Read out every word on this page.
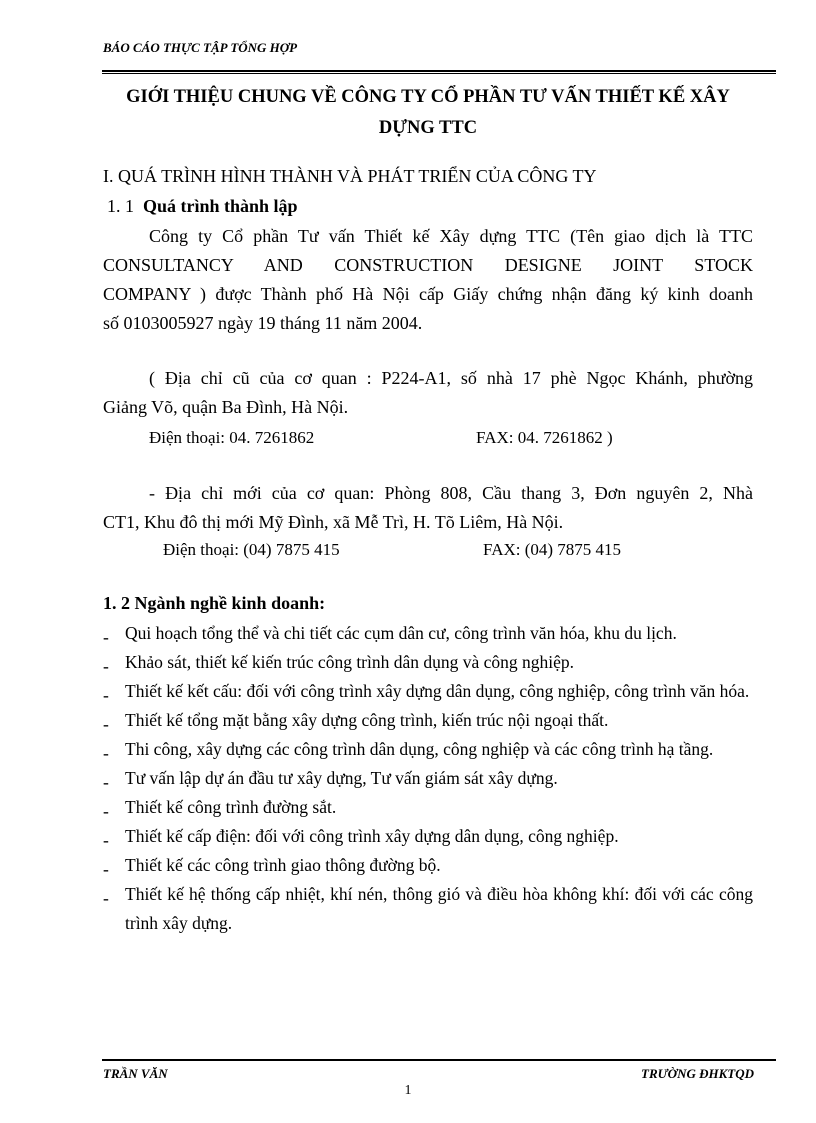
BÁO CÁO THỰC TẬP TỔNG HỢP
GIỚI THIỆU CHUNG VỀ CÔNG TY CỔ PHẦN TƯ VẤN THIẾT KẾ XÂY DỰNG TTC
I. QUÁ TRÌNH HÌNH THÀNH VÀ PHÁT TRIỂN CỦA CÔNG TY
1. 1 Quá trình thành lập
Công ty Cổ phần Tư vấn Thiết kế Xây dựng TTC (Tên giao dịch là TTC
CONSULTANCY AND CONSTRUCTION DESIGNE JOINT STOCK
COMPANY ) được Thành phố Hà Nội cấp Giấy chứng nhận đăng ký kinh doanh
số 0103005927 ngày 19 tháng 11 năm 2004.
( Địa chỉ cũ của cơ quan : P224-A1, số nhà 17 phè Ngọc Khánh, phường
Giảng Võ, quận Ba Đình, Hà Nội.
Điện thoại: 04. 7261862	FAX: 04. 7261862 )
- Địa chỉ mới của cơ quan: Phòng 808, Cầu thang 3, Đơn nguyên 2, Nhà
CT1, Khu đô thị mới Mỹ Đình, xã Mễ Trì, H. Tõ Liêm, Hà Nội.
Điện thoại: (04) 7875 415	FAX: (04) 7875 415
1. 2 Ngành nghề kinh doanh:
- Qui hoạch tổng thể và chi tiết các cụm dân cư, công trình văn hóa, khu du lịch.
- Khảo sát, thiết kế kiến trúc công trình dân dụng và công nghiệp.
- Thiết kế kết cấu: đối với công trình xây dựng dân dụng, công nghiệp, công trình văn hóa.
- Thiết kế tổng mặt bằng xây dựng công trình, kiến trúc nội ngoại thất.
- Thi công, xây dựng các công trình dân dụng, công nghiệp và các công trình hạ tầng.
- Tư vấn lập dự án đầu tư xây dựng, Tư vấn giám sát xây dựng.
- Thiết kế công trình đường sắt.
- Thiết kế cấp điện: đối với công trình xây dựng dân dụng, công nghiệp.
- Thiết kế các công trình giao thông đường bộ.
- Thiết kế hệ thống cấp nhiệt, khí nén, thông gió và điều hòa không khí: đối với các công trình xây dựng.
TRẦN VĂN	TRƯỜNG ĐHKTQD
1
